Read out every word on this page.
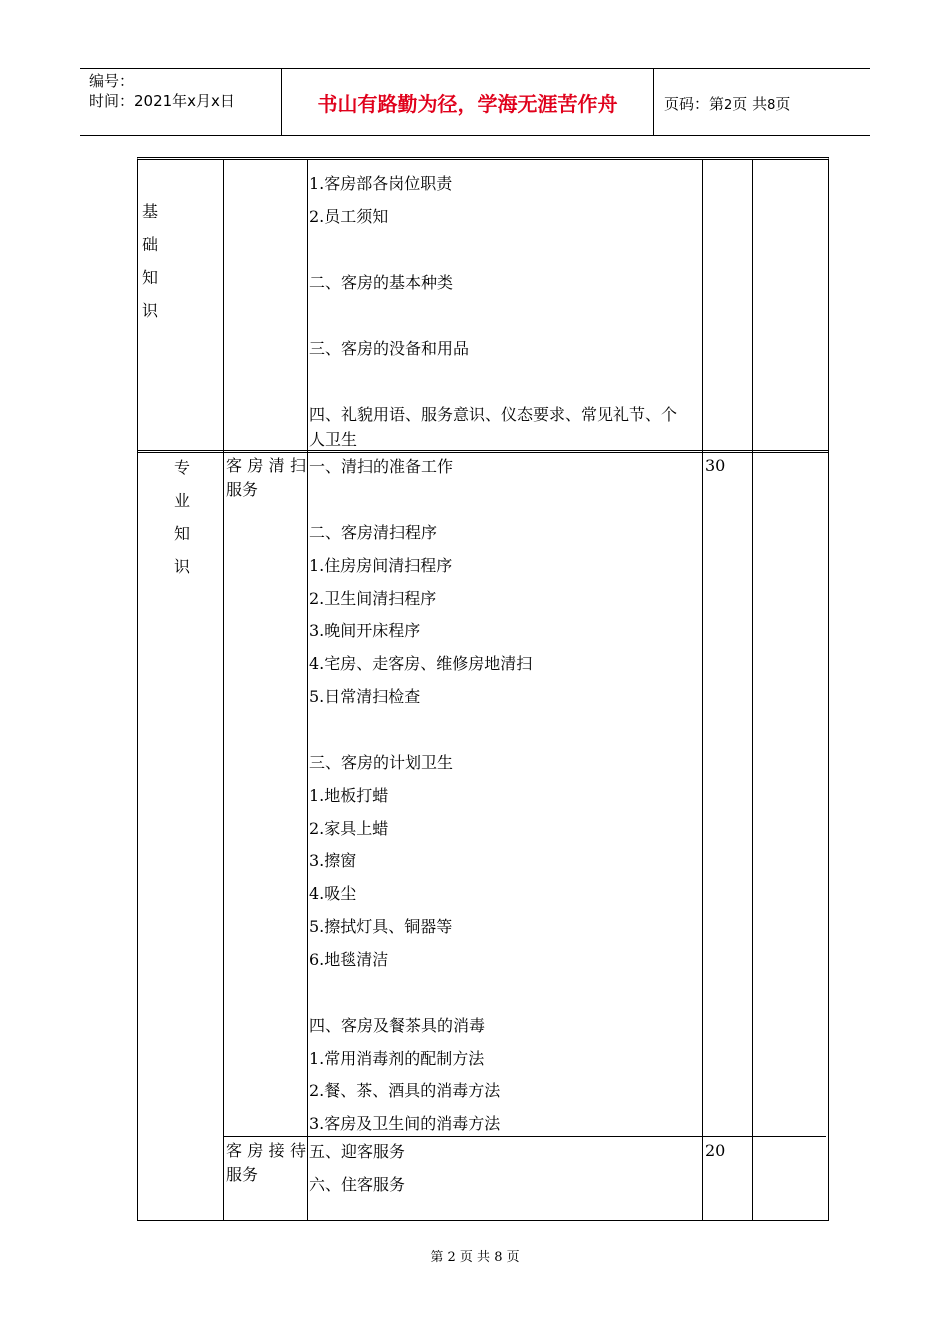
编号：
时间：2021年x月x日	书山有路勤为径，学海无涯苦作舟	页码：第2页 共8页
基
础
知
识
专
业
知
识
客 房 清 扫
服务
客 房 接 待
服务
30
20
1.客房部各岗位职责
2.员工须知
二、客房的基本种类
三、客房的没备和用品
四、礼貌用语、服务意识、仪态要求、常见礼节、个
人卫生
一、清扫的准备工作
二、客房清扫程序
1.住房房间清扫程序
2.卫生间清扫程序
3.晚间开床程序
4.宅房、走客房、维修房地清扫
5.日常清扫检查
三、客房的计划卫生
1.地板打蜡
2.家具上蜡
3.擦窗
4.吸尘
5.擦拭灯具、铜器等
6.地毯清洁
四、客房及餐茶具的消毒
1.常用消毒剂的配制方法
2.餐、茶、酒具的消毒方法
3.客房及卫生间的消毒方法
五、迎客服务
六、住客服务
第 2 页 共 8 页
